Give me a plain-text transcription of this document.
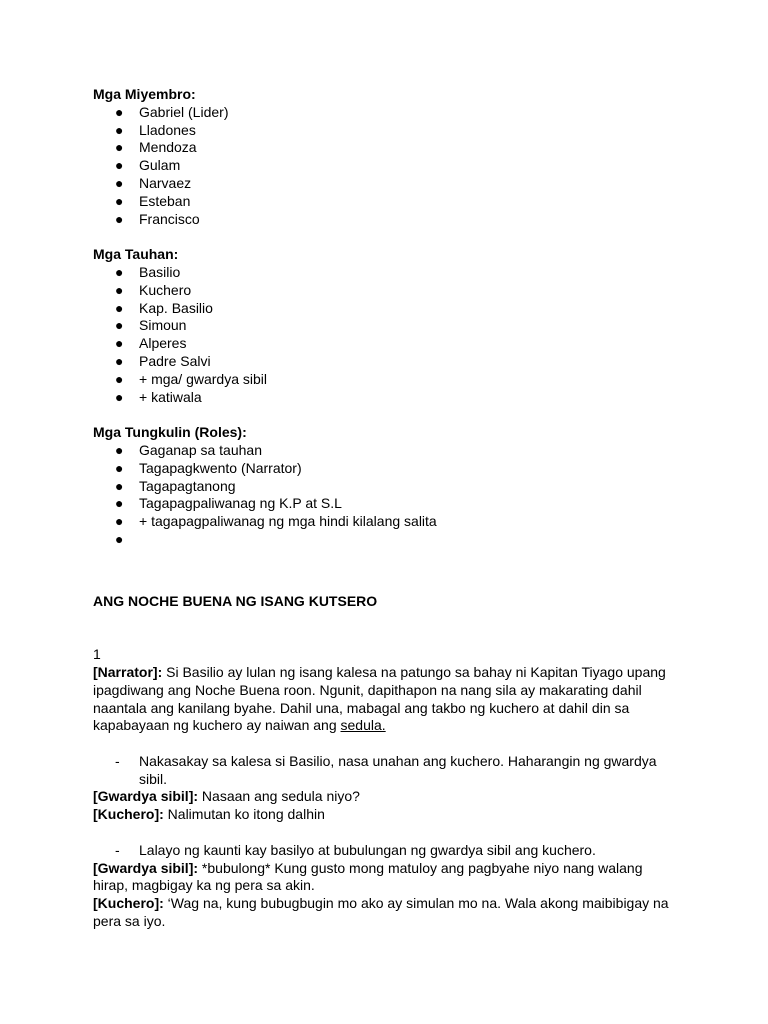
Mga Miyembro:
● Gabriel (Lider)
● Lladones
● Mendoza
● Gulam
● Narvaez
● Esteban
● Francisco
Mga Tauhan:
● Basilio
● Kuchero
● Kap. Basilio
● Simoun
● Alperes
● Padre Salvi
● + mga/ gwardya sibil
● + katiwala
Mga Tungkulin (Roles):
● Gaganap sa tauhan
● Tagapagkwento (Narrator)
● Tagapagtanong
● Tagapagpaliwanag ng K.P at S.L
● + tagapagpaliwanag ng mga hindi kilalang salita
●
ANG NOCHE BUENA NG ISANG KUTSERO
1

[Narrator]: Si Basilio ay lulan ng isang kalesa na patungo sa bahay ni Kapitan Tiyago upang ipagdiwang ang Noche Buena roon. Ngunit, dapithapon na nang sila ay makarating dahil naantala ang kanilang byahe. Dahil una, mabagal ang takbo ng kuchero at dahil din sa kapabayaan ng kuchero ay naiwan ang sedula.

- Nakasakay sa kalesa si Basilio, nasa unahan ang kuchero. Haharangin ng gwardya sibil.

[Gwardya sibil]: Nasaan ang sedula niyo?

[Kuchero]: Nalimutan ko itong dalhin

- Lalayo ng kaunti kay basilyo at bubulungan ng gwardya sibil ang kuchero.

[Gwardya sibil]: *bubulong* Kung gusto mong matuloy ang pagbyahe niyo nang walang hirap, magbigay ka ng pera sa akin.

[Kuchero]: ‘Wag na, kung bubugbugin mo ako ay simulan mo na. Wala akong maibibigay na pera sa iyo.
